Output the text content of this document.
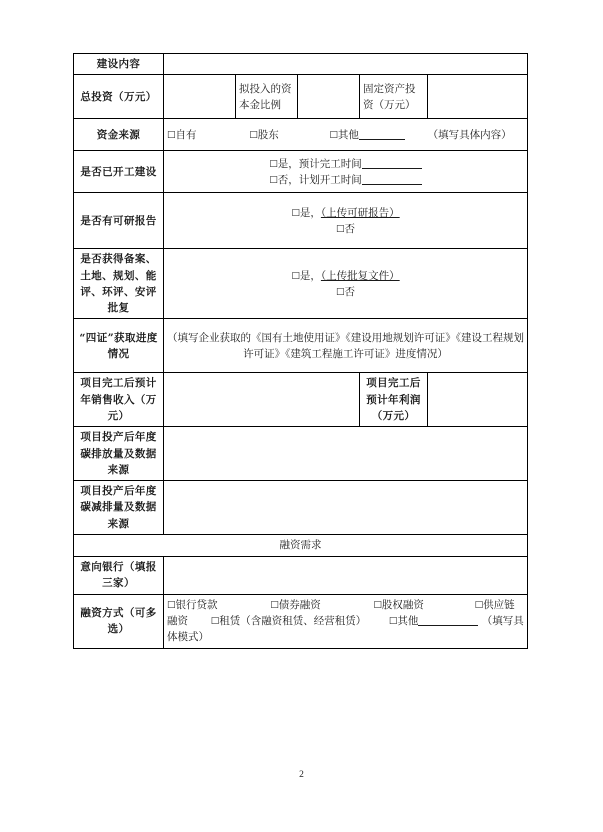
建设内容					
总投资（万元）		拟投入的资本金比例		固定资产投资（万元）	
资金来源	□自有 □股东 □其他 （填写具体内容）				
是否已开工建设	□是，预计完工时间
□否，计划开工时间				

是否有可研报告	□是，（上传可研报告）
□否				

是否获得备案、土地、规划、能评、环评、安评批复	□是，（上传批复文件）
□否				

“四证”获取进度情况	（填写企业获取的《国有土地使用证》《建设用地规划许可证》《建设工程规划许可证》《建筑工程施工许可证》进度情况）				
项目完工后预计年销售收入（万元）				项目完工后预计年利润（万元）	
项目投产后年度碳排放量及数据来源					
项目投产后年度碳减排量及数据来源					
融资需求					
意向银行（填报三家）					
融资方式（可多选）	□银行贷款 □债券融资 □股权融资 □供应链融资 □租赁（含融资租赁、经营租赁） □其他 （填写具体模式）				
2
